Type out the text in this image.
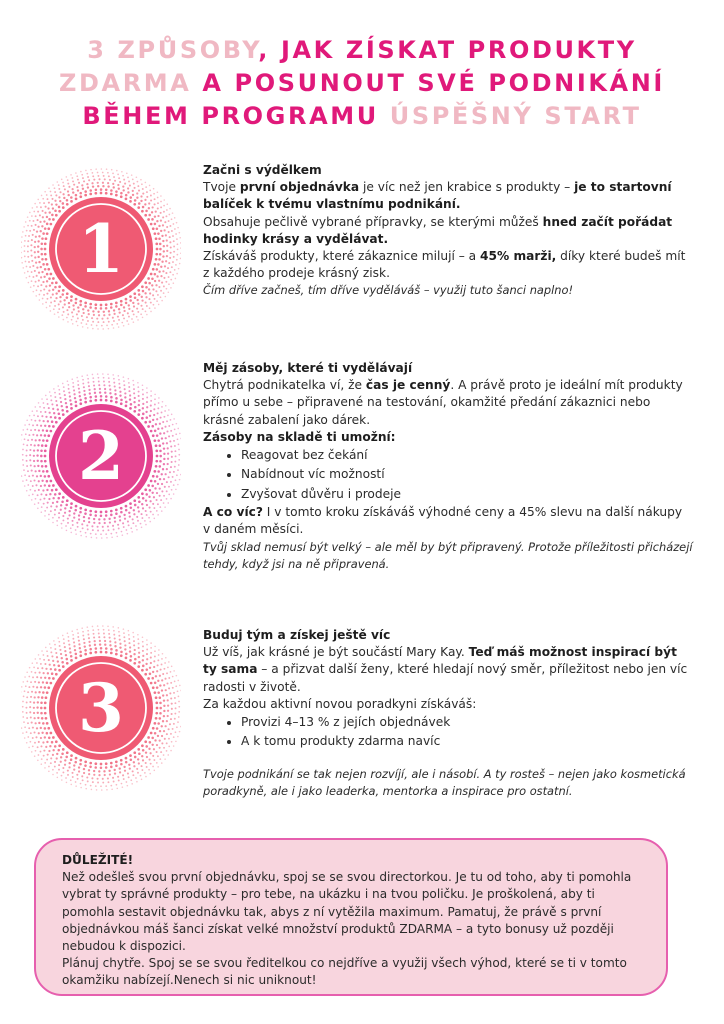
3 ZPŮSOBY, JAK ZÍSKAT PRODUKTY
ZDARMA A POSUNOUT SVÉ PODNIKÁNÍ
BĚHEM PROGRAMU ÚSPĚŠNÝ START
1
2
3

Začni s výdělkem

Tvoje první objednávka je víc než jen krabice s produkty – je to startovní balíček k tvému vlastnímu podnikání.

Obsahuje pečlivě vybrané přípravky, se kterými můžeš hned začít pořádat hodinky krásy a vydělávat.

Získáváš produkty, které zákaznice milují – a 45% marži, díky které budeš mít z každého prodeje krásný zisk.

Čím dříve začneš, tím dříve vyděláváš – využij tuto šanci naplno!

Měj zásoby, které ti vydělávají

Chytrá podnikatelka ví, že čas je cenný. A právě proto je ideální mít produkty přímo u sebe – připravené na testování, okamžité předání zákaznici nebo krásné zabalení jako dárek.

Zásoby na skladě ti umožní:

• Reagovat bez čekání
• Nabídnout víc možností
• Zvyšovat důvěru i prodeje

A co víc? I v tomto kroku získáváš výhodné ceny a 45% slevu na další nákupy v daném měsíci.

Tvůj sklad nemusí být velký – ale měl by být připravený. Protože příležitosti přicházejí tehdy, když jsi na ně připravená.

Buduj tým a získej ještě víc

Už víš, jak krásné je být součástí Mary Kay. Teď máš možnost inspirací být ty sama – a přizvat další ženy, které hledají nový směr, příležitost nebo jen víc radosti v životě.

Za každou aktivní novou poradkyni získáváš:

• Provizi 4–13 % z jejích objednávek
• A k tomu produkty zdarma navíc

Tvoje podnikání se tak nejen rozvíjí, ale i násobí. A ty rosteš – nejen jako kosmetická poradkyně, ale i jako leaderka, mentorka a inspirace pro ostatní.

DŮLEŽITÉ!

Než odešleš svou první objednávku, spoj se se svou directorkou. Je tu od toho, aby ti pomohla vybrat ty správné produkty – pro tebe, na ukázku i na tvou poličku. Je proškolená, aby ti pomohla sestavit objednávku tak, abys z ní vytěžila maximum. Pamatuj, že právě s první objednávkou máš šanci získat velké množství produktů ZDARMA – a tyto bonusy už později nebudou k dispozici.

Plánuj chytře. Spoj se se svou ředitelkou co nejdříve a využij všech výhod, které se ti v tomto okamžiku nabízejí.Nenech si nic uniknout!
